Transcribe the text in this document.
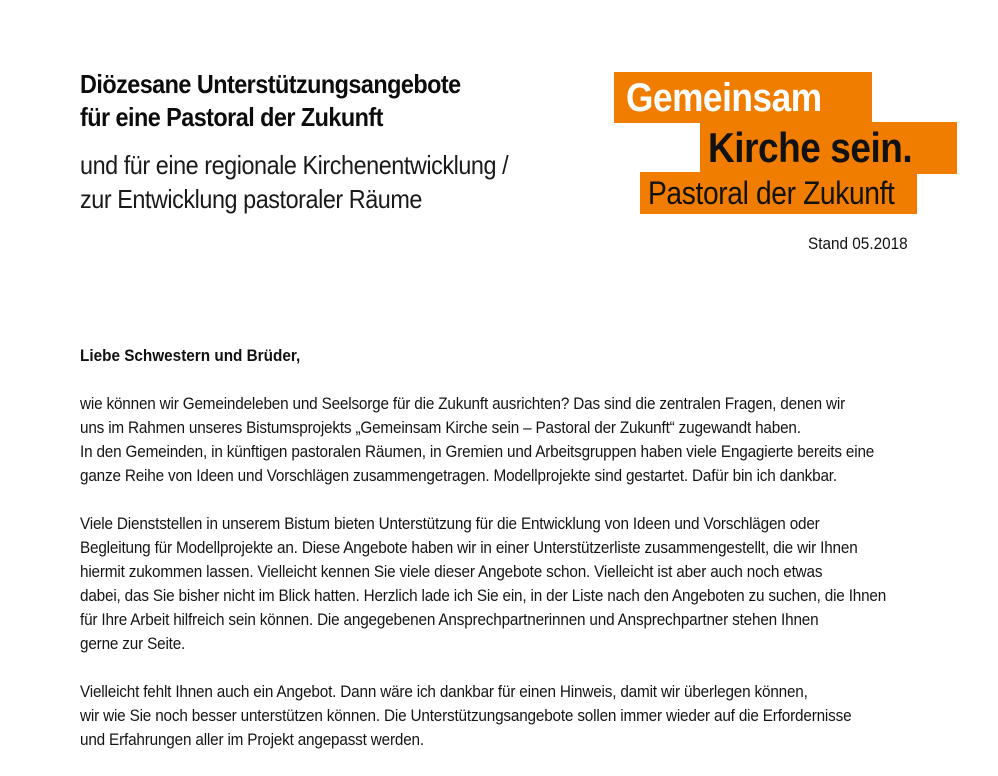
Diözesane Unterstützungsangebote
für eine Pastoral der Zukunft
und für eine regionale Kirchenentwicklung /
zur Entwicklung pastoraler Räume
Gemeinsam
Kirche sein.
Pastoral der Zukunft
Stand 05.2018
Liebe Schwestern und Brüder,
wie können wir Gemeindeleben und Seelsorge für die Zukunft ausrichten? Das sind die zentralen Fragen, denen wir
uns im Rahmen unseres Bistumsprojekts „Gemeinsam Kirche sein – Pastoral der Zukunft“ zugewandt haben.
In den Gemeinden, in künftigen pastoralen Räumen, in Gremien und Arbeitsgruppen haben viele Engagierte bereits eine
ganze Reihe von Ideen und Vorschlägen zusammengetragen. Modellprojekte sind gestartet. Dafür bin ich dankbar.
Viele Dienststellen in unserem Bistum bieten Unterstützung für die Entwicklung von Ideen und Vorschlägen oder
Begleitung für Modellprojekte an. Diese Angebote haben wir in einer Unterstützerliste zusammengestellt, die wir Ihnen
hiermit zukommen lassen. Vielleicht kennen Sie viele dieser Angebote schon. Vielleicht ist aber auch noch etwas
dabei, das Sie bisher nicht im Blick hatten. Herzlich lade ich Sie ein, in der Liste nach den Angeboten zu suchen, die Ihnen
für Ihre Arbeit hilfreich sein können. Die angegebenen Ansprechpartnerinnen und Ansprechpartner stehen Ihnen
gerne zur Seite.
Vielleicht fehlt Ihnen auch ein Angebot. Dann wäre ich dankbar für einen Hinweis, damit wir überlegen können,
wir wie Sie noch besser unterstützen können. Die Unterstützungsangebote sollen immer wieder auf die Erfordernisse
und Erfahrungen aller im Projekt angepasst werden.
